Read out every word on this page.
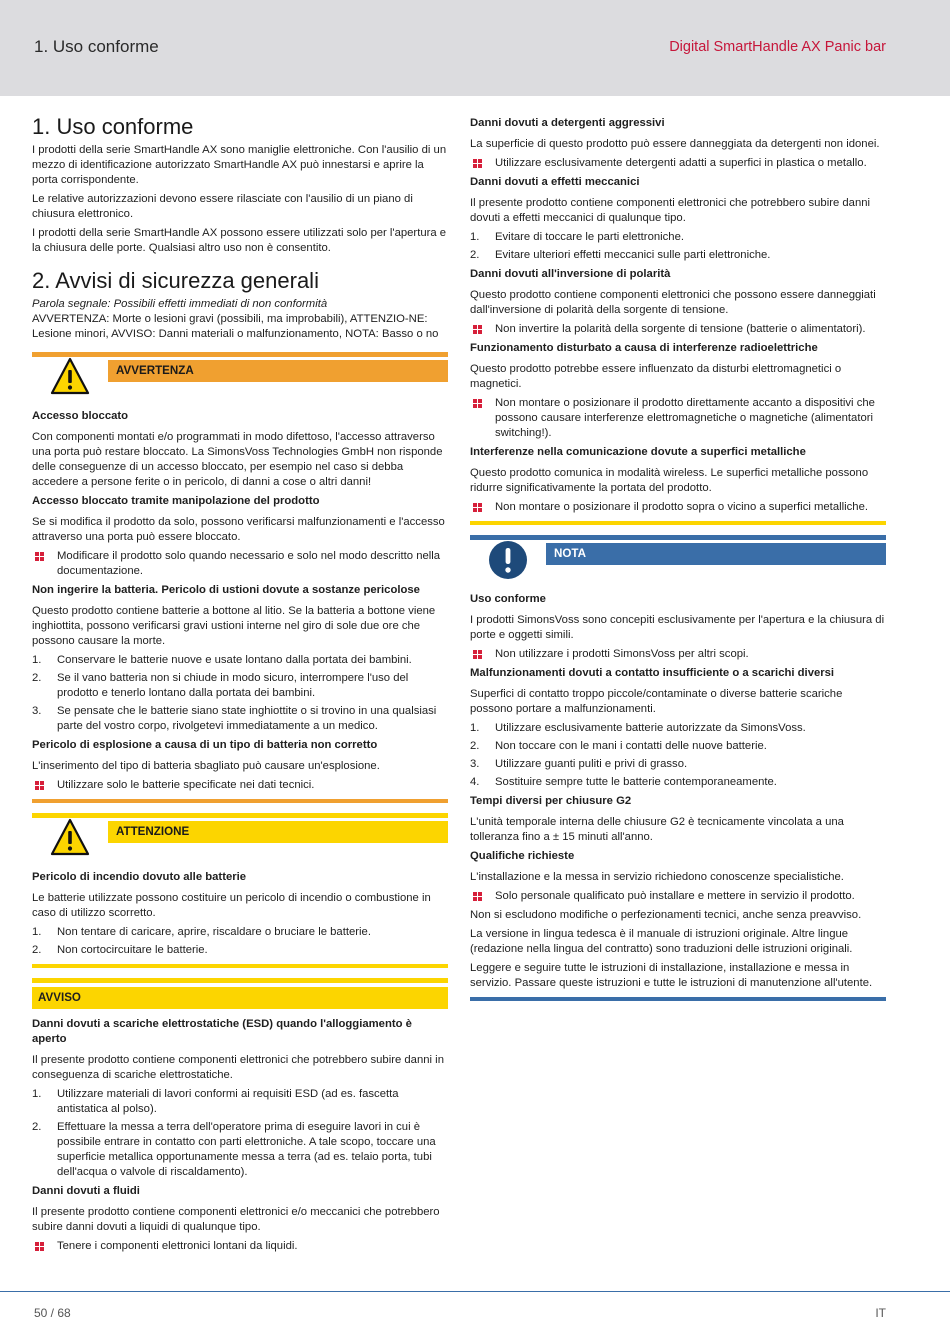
1. Uso conforme	Digital SmartHandle AX Panic bar
1. Uso conforme

I prodotti della serie SmartHandle AX sono maniglie elettroniche. Con l'ausilio di un mezzo di identificazione autorizzato SmartHandle AX può innestarsi e aprire la porta corrispondente.

Le relative autorizzazioni devono essere rilasciate con l'ausilio di un piano di chiusura elettronico.

I prodotti della serie SmartHandle AX possono essere utilizzati solo per l'apertura e la chiusura delle porte. Qualsiasi altro uso non è consentito.

2. Avvisi di sicurezza generali

Parola segnale: Possibili effetti immediati di non conformità

AVVERTENZA: Morte o lesioni gravi (possibili, ma improbabili), ATTENZIO-NE: Lesione minori, AVVISO: Danni materiali o malfunzionamento, NOTA: Basso o no

AVVERTENZA
Accesso bloccato

Con componenti montati e/o programmati in modo difettoso, l'accesso attraverso una porta può restare bloccato. La SimonsVoss Technologies GmbH non risponde delle conseguenze di un accesso bloccato, per esempio nel caso si debba accedere a persone ferite o in pericolo, di danni a cose o altri danni!

Accesso bloccato tramite manipolazione del prodotto

Se si modifica il prodotto da solo, possono verificarsi malfunzionamenti e l'accesso attraverso una porta può essere bloccato.

Modificare il prodotto solo quando necessario e solo nel modo descritto nella documentazione.
Non ingerire la batteria. Pericolo di ustioni dovute a sostanze pericolose

Questo prodotto contiene batterie a bottone al litio. Se la batteria a bottone viene inghiottita, possono verificarsi gravi ustioni interne nel giro di sole due ore che possono causare la morte.

1. Conservare le batterie nuove e usate lontano dalla portata dei bambini.
2. Se il vano batteria non si chiude in modo sicuro, interrompere l'uso del prodotto e tenerlo lontano dalla portata dei bambini.
3. Se pensate che le batterie siano state inghiottite o si trovino in una qualsiasi parte del vostro corpo, rivolgetevi immediatamente a un medico.
Pericolo di esplosione a causa di un tipo di batteria non corretto

L'inserimento del tipo di batteria sbagliato può causare un'esplosione.

Utilizzare solo le batterie specificate nei dati tecnici.
ATTENZIONE
Pericolo di incendio dovuto alle batterie

Le batterie utilizzate possono costituire un pericolo di incendio o combustione in caso di utilizzo scorretto.

1. Non tentare di caricare, aprire, riscaldare o bruciare le batterie.
2. Non cortocircuitare le batterie.
AVVISO
Danni dovuti a scariche elettrostatiche (ESD) quando l'alloggiamento è aperto

Il presente prodotto contiene componenti elettronici che potrebbero subire danni in conseguenza di scariche elettrostatiche.

1. Utilizzare materiali di lavori conformi ai requisiti ESD (ad es. fascetta antistatica al polso).
2. Effettuare la messa a terra dell'operatore prima di eseguire lavori in cui è possibile entrare in contatto con parti elettroniche. A tale scopo, toccare una superficie metallica opportunamente messa a terra (ad es. telaio porta, tubi dell'acqua o valvole di riscaldamento).
Danni dovuti a fluidi

Il presente prodotto contiene componenti elettronici e/o meccanici che potrebbero subire danni dovuti a liquidi di qualunque tipo.

Tenere i componenti elettronici lontani da liquidi.
Danni dovuti a detergenti aggressivi

La superficie di questo prodotto può essere danneggiata da detergenti non idonei.

Utilizzare esclusivamente detergenti adatti a superfici in plastica o metallo.
Danni dovuti a effetti meccanici

Il presente prodotto contiene componenti elettronici che potrebbero subire danni dovuti a effetti meccanici di qualunque tipo.

1. Evitare di toccare le parti elettroniche.
2. Evitare ulteriori effetti meccanici sulle parti elettroniche.
Danni dovuti all'inversione di polarità

Questo prodotto contiene componenti elettronici che possono essere danneggiati dall'inversione di polarità della sorgente di tensione.

Non invertire la polarità della sorgente di tensione (batterie o alimentatori).
Funzionamento disturbato a causa di interferenze radioelettriche

Questo prodotto potrebbe essere influenzato da disturbi elettromagnetici o magnetici.

Non montare o posizionare il prodotto direttamente accanto a dispositivi che possono causare interferenze elettromagnetiche o magnetiche (alimentatori switching!).
Interferenze nella comunicazione dovute a superfici metalliche

Questo prodotto comunica in modalità wireless. Le superfici metalliche possono ridurre significativamente la portata del prodotto.

Non montare o posizionare il prodotto sopra o vicino a superfici metalliche.
NOTA
Uso conforme

I prodotti SimonsVoss sono concepiti esclusivamente per l'apertura e la chiusura di porte e oggetti simili.

Non utilizzare i prodotti SimonsVoss per altri scopi.
Malfunzionamenti dovuti a contatto insufficiente o a scarichi diversi

Superfici di contatto troppo piccole/contaminate o diverse batterie scariche possono portare a malfunzionamenti.

1. Utilizzare esclusivamente batterie autorizzate da SimonsVoss.
2. Non toccare con le mani i contatti delle nuove batterie.
3. Utilizzare guanti puliti e privi di grasso.
4. Sostituire sempre tutte le batterie contemporaneamente.
Tempi diversi per chiusure G2

L'unità temporale interna delle chiusure G2 è tecnicamente vincolata a una tolleranza fino a ± 15 minuti all'anno.

Qualifiche richieste

L'installazione e la messa in servizio richiedono conoscenze specialistiche.

Solo personale qualificato può installare e mettere in servizio il prodotto.

Non si escludono modifiche o perfezionamenti tecnici, anche senza preavviso.

La versione in lingua tedesca è il manuale di istruzioni originale. Altre lingue (redazione nella lingua del contratto) sono traduzioni delle istruzioni originali.

Leggere e seguire tutte le istruzioni di installazione, installazione e messa in servizio. Passare queste istruzioni e tutte le istruzioni di manutenzione all'utente.

50 / 68	IT
